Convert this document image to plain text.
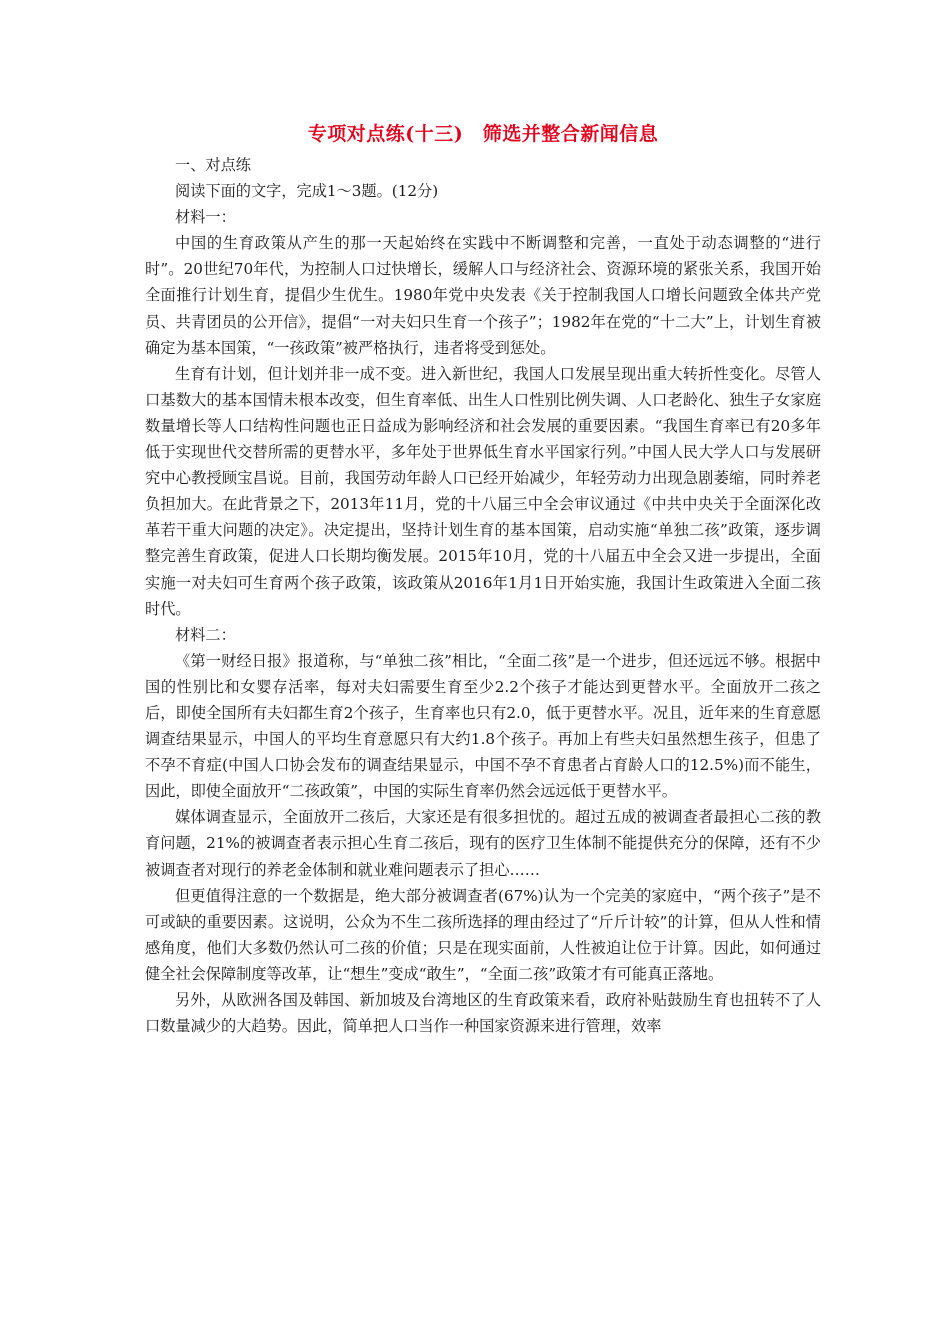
专项对点练(十三)　筛选并整合新闻信息
一、对点练
阅读下面的文字，完成1～3题。(12分)
材料一：

中国的生育政策从产生的那一天起始终在实践中不断调整和完善，一直处于动态调整的“进行时”。20世纪70年代，为控制人口过快增长，缓解人口与经济社会、资源环境的紧张关系，我国开始全面推行计划生育，提倡少生优生。1980年党中央发表《关于控制我国人口增长问题致全体共产党员、共青团员的公开信》，提倡“一对夫妇只生育一个孩子”；1982年在党的“十二大”上，计划生育被确定为基本国策，“一孩政策”被严格执行，违者将受到惩处。

生育有计划，但计划并非一成不变。进入新世纪，我国人口发展呈现出重大转折性变化。尽管人口基数大的基本国情未根本改变，但生育率低、出生人口性别比例失调、人口老龄化、独生子女家庭数量增长等人口结构性问题也正日益成为影响经济和社会发展的重要因素。“我国生育率已有20多年低于实现世代交替所需的更替水平，多年处于世界低生育水平国家行列。”中国人民大学人口与发展研究中心教授顾宝昌说。目前，我国劳动年龄人口已经开始减少，年轻劳动力出现急剧萎缩，同时养老负担加大。在此背景之下，2013年11月，党的十八届三中全会审议通过《中共中央关于全面深化改革若干重大问题的决定》。决定提出，坚持计划生育的基本国策，启动实施“单独二孩”政策，逐步调整完善生育政策，促进人口长期均衡发展。2015年10月，党的十八届五中全会又进一步提出，全面实施一对夫妇可生育两个孩子政策，该政策从2016年1月1日开始实施，我国计生政策进入全面二孩时代。

材料二：

《第一财经日报》报道称，与“单独二孩”相比，“全面二孩”是一个进步，但还远远不够。根据中国的性别比和女婴存活率，每对夫妇需要生育至少2.2个孩子才能达到更替水平。全面放开二孩之后，即使全国所有夫妇都生育2个孩子，生育率也只有2.0，低于更替水平。况且，近年来的生育意愿调查结果显示，中国人的平均生育意愿只有大约1.8个孩子。再加上有些夫妇虽然想生孩子，但患了不孕不育症(中国人口协会发布的调查结果显示，中国不孕不育患者占育龄人口的12.5%)而不能生，因此，即使全面放开“二孩政策”，中国的实际生育率仍然会远远低于更替水平。

媒体调查显示，全面放开二孩后，大家还是有很多担忧的。超过五成的被调查者最担心二孩的教育问题，21%的被调查者表示担心生育二孩后，现有的医疗卫生体制不能提供充分的保障，还有不少被调查者对现行的养老金体制和就业难问题表示了担心……

但更值得注意的一个数据是，绝大部分被调查者(67%)认为一个完美的家庭中，“两个孩子”是不可或缺的重要因素。这说明，公众为不生二孩所选择的理由经过了“斤斤计较”的计算，但从人性和情感角度，他们大多数仍然认可二孩的价值；只是在现实面前，人性被迫让位于计算。因此，如何通过健全社会保障制度等改革，让“想生”变成“敢生”，“全面二孩”政策才有可能真正落地。

另外，从欧洲各国及韩国、新加坡及台湾地区的生育政策来看，政府补贴鼓励生育也扭转不了人口数量减少的大趋势。因此，简单把人口当作一种国家资源来进行管理，效率
